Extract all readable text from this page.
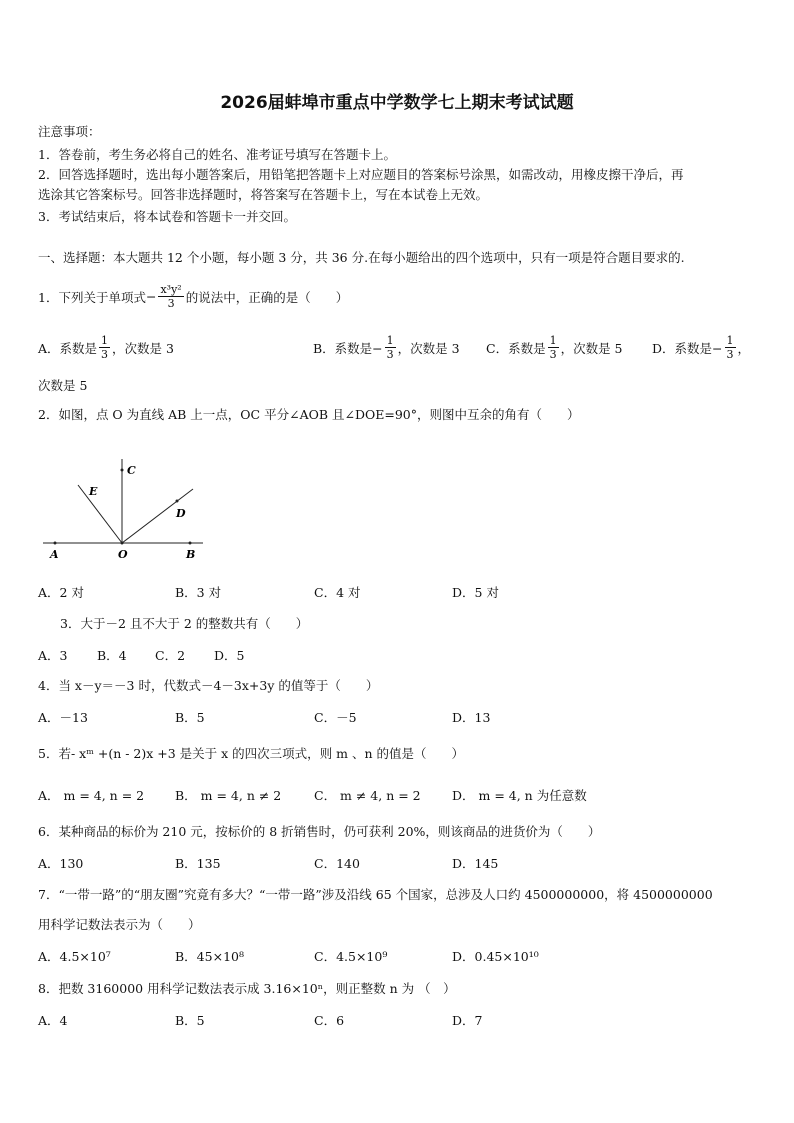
2026届蚌埠市重点中学数学七上期末考试试题
注意事项：
1．答卷前，考生务必将自己的姓名、准考证号填写在答题卡上。
2．回答选择题时，选出每小题答案后，用铅笔把答题卡上对应题目的答案标号涂黑，如需改动，用橡皮擦干净后，再
选涂其它答案标号。回答非选择题时，将答案写在答题卡上，写在本试卷上无效。
3．考试结束后，将本试卷和答题卡一并交回。
一、选择题：本大题共 12 个小题，每小题 3 分，共 36 分.在每小题给出的四个选项中，只有一项是符合题目要求的.
1．下列关于单项式 − $\frac{\text{x³y²}}{3}$ 的说法中，正确的是（　　）
A．系数是 $\frac{1}{3}$ ，次数是 3	B．系数是− $\frac{1}{3}$ ，次数是 3 C．系数是 $\frac{1}{3}$ ，次数是 5 D．系数是− $\frac{1}{3}$ ，
次数是 5
2．如图，点 O 为直线 AB 上一点，OC 平分∠AOB 且∠DOE=90°，则图中互余的角有（　　）
A	O	B
C
D
E
A．2 对	B．3 对	C．4 对	D．5 对
3．大于－2 且不大于 2 的整数共有（　　）
A．3 B．4 C．2 D．5
4．当 x－y＝－3 时，代数式－4－3x+3y 的值等于（　　）
A．－13	B．5	C．－5	D．13
5．若- xᵐ +(n - 2)x +3 是关于 x 的四次三项式，则 m 、n 的值是（　　）
A． m = 4, n = 2 B． m = 4, n ≠ 2	C． m ≠ 4, n = 2	D． m = 4, n 为任意数
6．某种商品的标价为 210 元，按标价的 8 折销售时，仍可获利 20%，则该商品的进货价为（　　）
A．130	B．135	C．140	D．145
7．“一带一路”的“朋友圈”究竟有多大？“一带一路”涉及沿线 65 个国家，总涉及人口约 4500000000，将 4500000000
用科学记数法表示为（　　）
A．4.5×10⁷	B．45×10⁸	C．4.5×10⁹	D．0.45×10¹⁰
8．把数 3160000 用科学记数法表示成 3.16×10ⁿ，则正整数 n 为 （　）
A．4	B．5	C．6	D．7
